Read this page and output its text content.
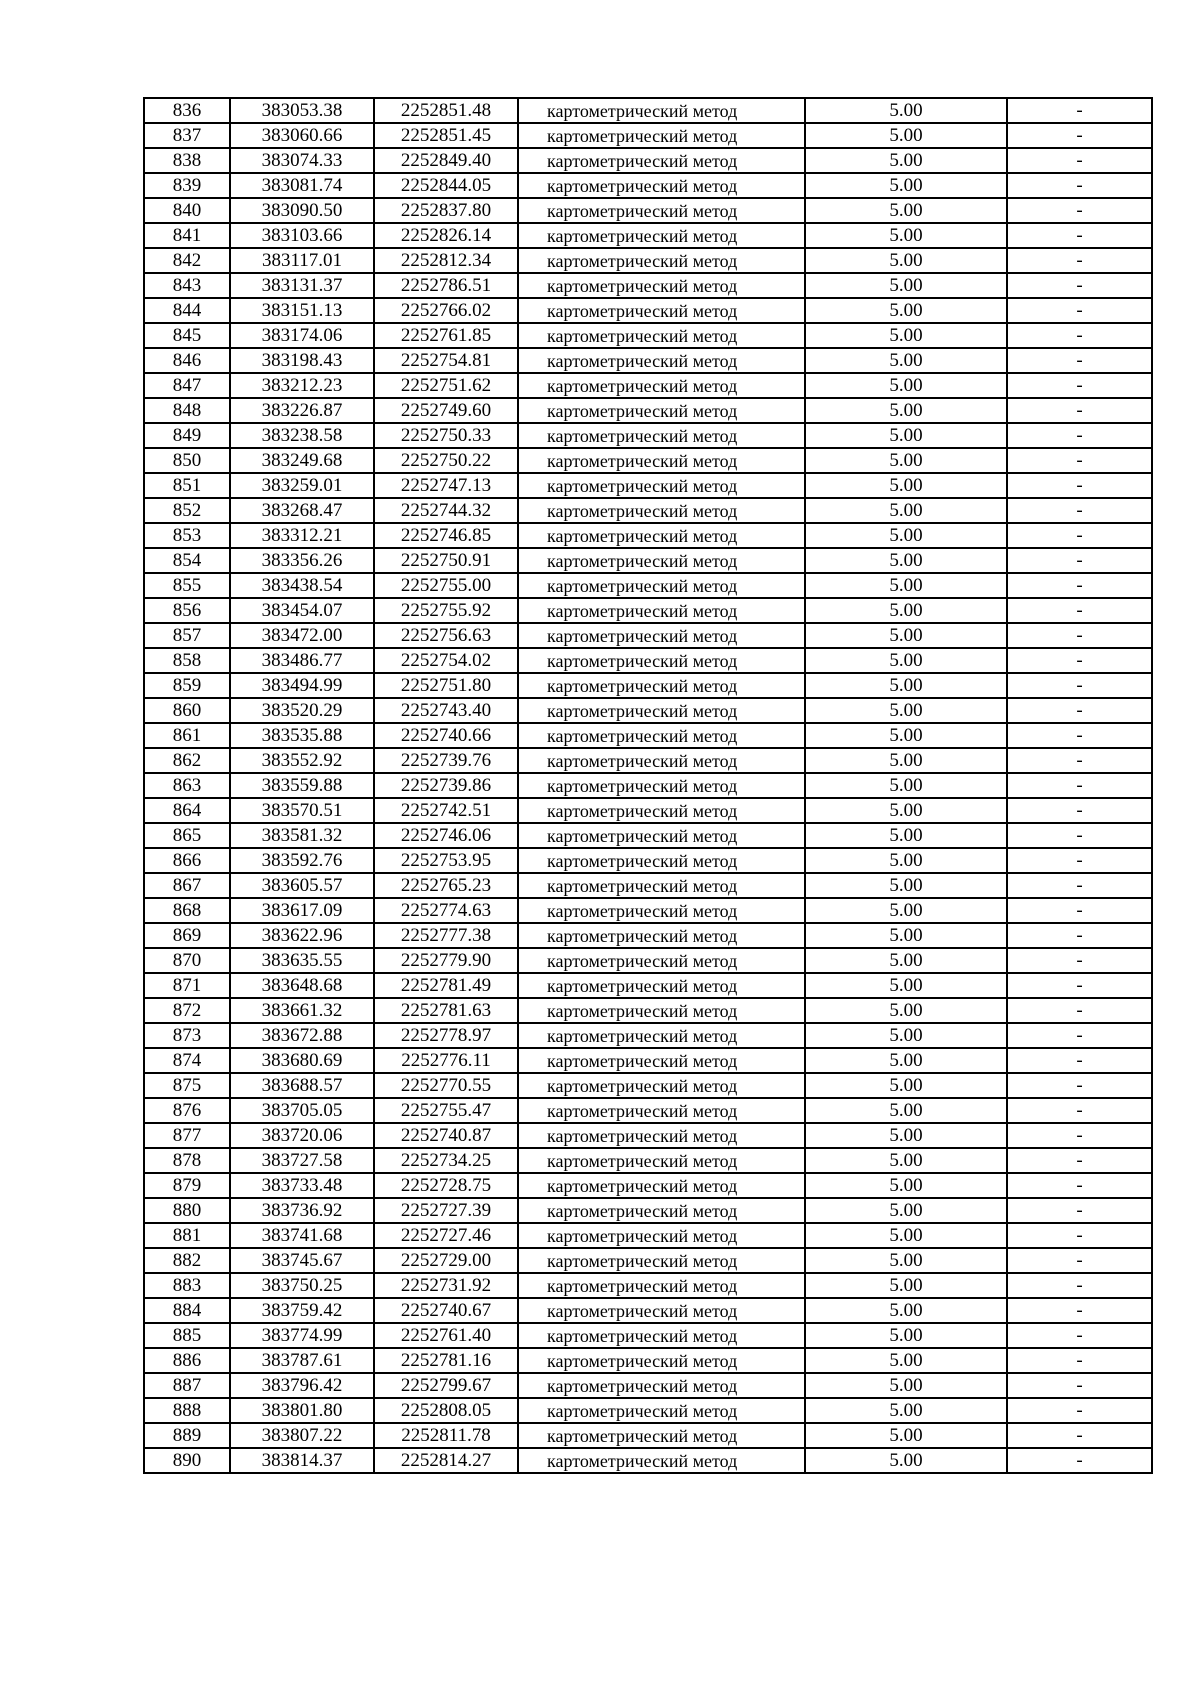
836	383053.38	2252851.48	картометрический метод	5.00	-
837	383060.66	2252851.45	картометрический метод	5.00	-
838	383074.33	2252849.40	картометрический метод	5.00	-
839	383081.74	2252844.05	картометрический метод	5.00	-
840	383090.50	2252837.80	картометрический метод	5.00	-
841	383103.66	2252826.14	картометрический метод	5.00	-
842	383117.01	2252812.34	картометрический метод	5.00	-
843	383131.37	2252786.51	картометрический метод	5.00	-
844	383151.13	2252766.02	картометрический метод	5.00	-
845	383174.06	2252761.85	картометрический метод	5.00	-
846	383198.43	2252754.81	картометрический метод	5.00	-
847	383212.23	2252751.62	картометрический метод	5.00	-
848	383226.87	2252749.60	картометрический метод	5.00	-
849	383238.58	2252750.33	картометрический метод	5.00	-
850	383249.68	2252750.22	картометрический метод	5.00	-
851	383259.01	2252747.13	картометрический метод	5.00	-
852	383268.47	2252744.32	картометрический метод	5.00	-
853	383312.21	2252746.85	картометрический метод	5.00	-
854	383356.26	2252750.91	картометрический метод	5.00	-
855	383438.54	2252755.00	картометрический метод	5.00	-
856	383454.07	2252755.92	картометрический метод	5.00	-
857	383472.00	2252756.63	картометрический метод	5.00	-
858	383486.77	2252754.02	картометрический метод	5.00	-
859	383494.99	2252751.80	картометрический метод	5.00	-
860	383520.29	2252743.40	картометрический метод	5.00	-
861	383535.88	2252740.66	картометрический метод	5.00	-
862	383552.92	2252739.76	картометрический метод	5.00	-
863	383559.88	2252739.86	картометрический метод	5.00	-
864	383570.51	2252742.51	картометрический метод	5.00	-
865	383581.32	2252746.06	картометрический метод	5.00	-
866	383592.76	2252753.95	картометрический метод	5.00	-
867	383605.57	2252765.23	картометрический метод	5.00	-
868	383617.09	2252774.63	картометрический метод	5.00	-
869	383622.96	2252777.38	картометрический метод	5.00	-
870	383635.55	2252779.90	картометрический метод	5.00	-
871	383648.68	2252781.49	картометрический метод	5.00	-
872	383661.32	2252781.63	картометрический метод	5.00	-
873	383672.88	2252778.97	картометрический метод	5.00	-
874	383680.69	2252776.11	картометрический метод	5.00	-
875	383688.57	2252770.55	картометрический метод	5.00	-
876	383705.05	2252755.47	картометрический метод	5.00	-
877	383720.06	2252740.87	картометрический метод	5.00	-
878	383727.58	2252734.25	картометрический метод	5.00	-
879	383733.48	2252728.75	картометрический метод	5.00	-
880	383736.92	2252727.39	картометрический метод	5.00	-
881	383741.68	2252727.46	картометрический метод	5.00	-
882	383745.67	2252729.00	картометрический метод	5.00	-
883	383750.25	2252731.92	картометрический метод	5.00	-
884	383759.42	2252740.67	картометрический метод	5.00	-
885	383774.99	2252761.40	картометрический метод	5.00	-
886	383787.61	2252781.16	картометрический метод	5.00	-
887	383796.42	2252799.67	картометрический метод	5.00	-
888	383801.80	2252808.05	картометрический метод	5.00	-
889	383807.22	2252811.78	картометрический метод	5.00	-
890	383814.37	2252814.27	картометрический метод	5.00	-
